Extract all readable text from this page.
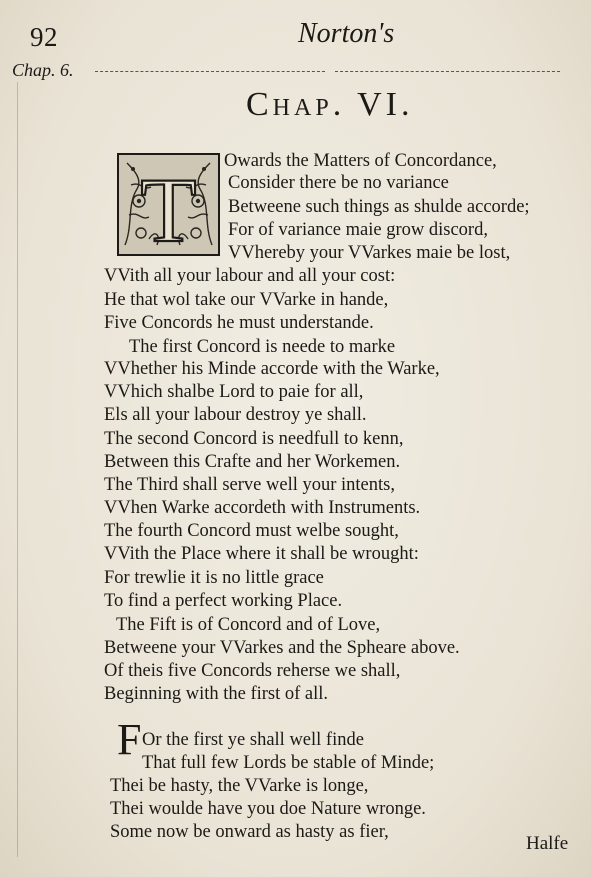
92	Norton's
Chap. 6.
Chap. VI.
T Owards the Matters of Concordance,
Consider there be no variance
Betweene such things as shulde accorde;
For of variance maie grow discord,
VVhereby your VVarkes maie be lost,
VVith all your labour and all your cost:
He that wol take our VVarke in hande,
Five Concords he must understande.
The first Concord is neede to marke
VVhether his Minde accorde with the Warke,
VVhich shalbe Lord to paie for all,
Els all your labour destroy ye shall.
The second Concord is needfull to kenn,
Between this Crafte and her Workemen.
The Third shall serve well your intents,
VVhen Warke accordeth with Instruments.
The fourth Concord must welbe sought,
VVith the Place where it shall be wrought:
For trewlie it is no little grace
To find a perfect working Place.
The Fift is of Concord and of Love,
Betweene your VVarkes and the Spheare above.
Of theis five Concords reherse we shall,
Beginning with the first of all.
F Or the first ye shall well finde
That full few Lords be stable of Minde;
Thei be hasty, the VVarke is longe,
Thei woulde have you doe Nature wronge.
Some now be onward as hasty as fier,
Halfe
